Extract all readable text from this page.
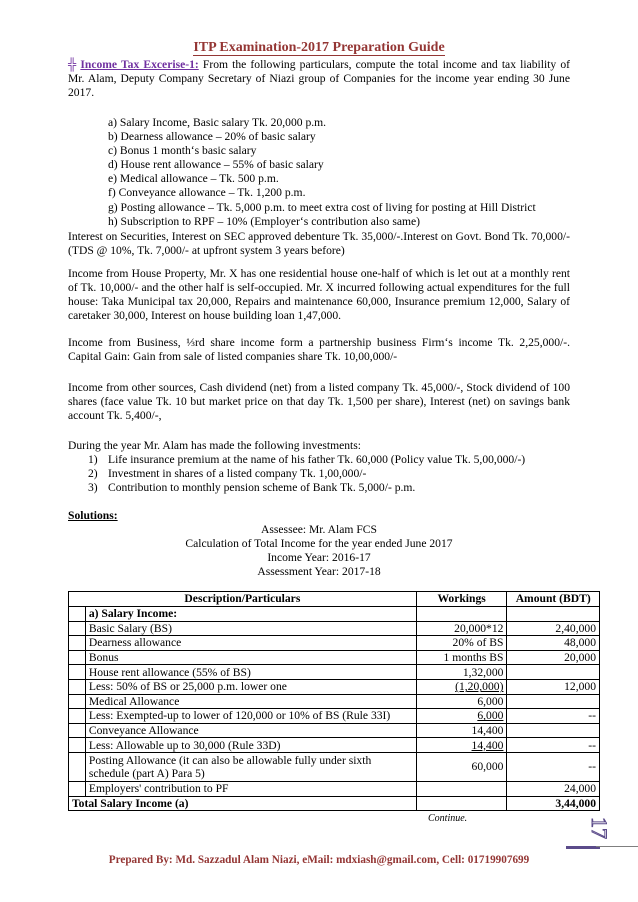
ITP Examination-2017 Preparation Guide
╬ Income Tax Excerise-1: From the following particulars, compute the total income and tax liability of Mr. Alam, Deputy Company Secretary of Niazi group of Companies for the income year ending 30 June 2017.
a) Salary Income, Basic salary Tk. 20,000 p.m.
b) Dearness allowance – 20% of basic salary
c) Bonus 1 month‘s basic salary
d) House rent allowance – 55% of basic salary
e) Medical allowance – Tk. 500 p.m.
f) Conveyance allowance – Tk. 1,200 p.m.
g) Posting allowance – Tk. 5,000 p.m. to meet extra cost of living for posting at Hill District
h) Subscription to RPF – 10% (Employer‘s contribution also same)
Interest on Securities, Interest on SEC approved debenture Tk. 35,000/-.Interest on Govt. Bond Tk. 70,000/- (TDS @ 10%, Tk. 7,000/- at upfront system 3 years before)
Income from House Property, Mr. X has one residential house one-half of which is let out at a monthly rent of Tk. 10,000/- and the other half is self-occupied. Mr. X incurred following actual expenditures for the full house: Taka Municipal tax 20,000, Repairs and maintenance 60,000, Insurance premium 12,000, Salary of caretaker 30,000, Interest on house building loan 1,47,000.
Income from Business, ⅓rd share income form a partnership business Firm‘s income Tk. 2,25,000/-. Capital Gain: Gain from sale of listed companies share Tk. 10,00,000/-
Income from other sources, Cash dividend (net) from a listed company Tk. 45,000/-, Stock dividend of 100 shares (face value Tk. 10 but market price on that day Tk. 1,500 per share), Interest (net) on savings bank account Tk. 5,400/-,
During the year Mr. Alam has made the following investments:
1) Life insurance premium at the name of his father Tk. 60,000 (Policy value Tk. 5,00,000/-)
2) Investment in shares of a listed company Tk. 1,00,000/-
3) Contribution to monthly pension scheme of Bank Tk. 5,000/- p.m.
Solutions:
Assessee: Mr. Alam FCS
Calculation of Total Income for the year ended June 2017
Income Year: 2016-17
Assessment Year: 2017-18
Description/Particulars		Workings	Amount (BDT)
	a) Salary Income:		
	Basic Salary (BS)	20,000*12	2,40,000
	Dearness allowance	20% of BS	48,000
	Bonus	1 months BS	20,000
	House rent allowance (55% of BS)	1,32,000	
	Less: 50% of BS or 25,000 p.m. lower one	(1,20,000)	12,000
	Medical Allowance	6,000	
	Less: Exempted-up to lower of 120,000 or 10% of BS (Rule 33I)	6,000	--
	Conveyance Allowance	14,400	
	Less: Allowable up to 30,000 (Rule 33D)	14,400	--
	Posting Allowance (it can also be allowable fully under sixth schedule (part A) Para 5)	60,000	--
	Employers' contribution to PF		24,000
Total Salary Income (a)			3,44,000
Continue.	17
Prepared By: Md. Sazzadul Alam Niazi, eMail: mdxiash@gmail.com, Cell: 01719907699
